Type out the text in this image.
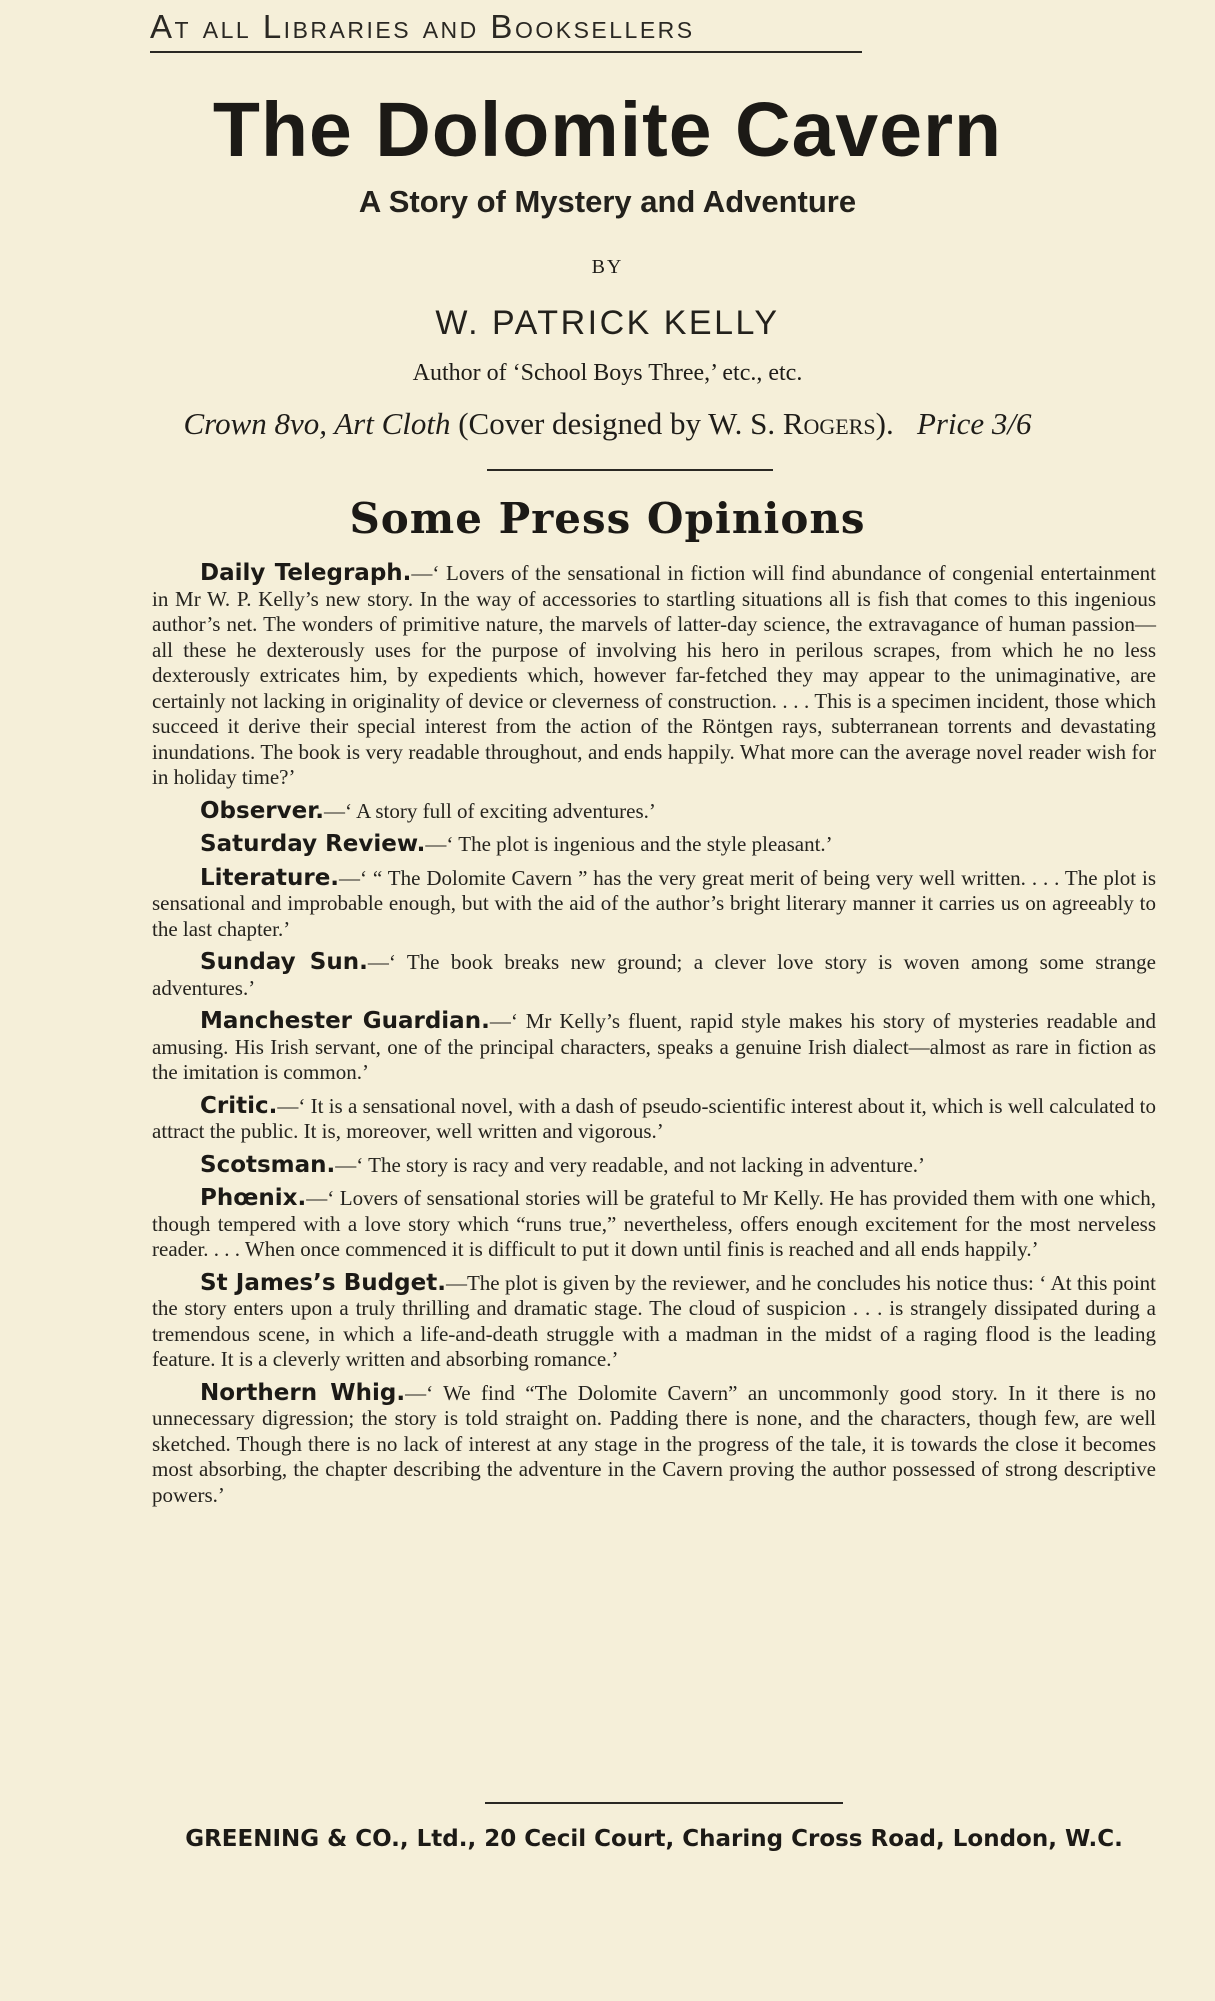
At all Libraries and Booksellers
The Dolomite Cavern
A Story of Mystery and Adventure
BY
W. PATRICK KELLY
Author of ‘School Boys Three,’ etc., etc.
Crown 8vo, Art Cloth (Cover designed by W. S. Rogers). Price 3/6
Some Press Opinions

Daily Telegraph.—‘ Lovers of the sensational in fiction will find abundance of congenial entertainment in Mr W. P. Kelly’s new story. In the way of accessories to startling situations all is fish that comes to this ingenious author’s net. The wonders of primitive nature, the marvels of latter-day science, the extravagance of human passion—all these he dexterously uses for the purpose of involving his hero in perilous scrapes, from which he no less dexterously extricates him, by expedients which, however far-fetched they may appear to the unimaginative, are certainly not lacking in originality of device or cleverness of construction. . . . This is a specimen incident, those which succeed it derive their special interest from the action of the Röntgen rays, subterranean torrents and devastating inundations. The book is very readable throughout, and ends happily. What more can the average novel reader wish for in holiday time?’

Observer.—‘ A story full of exciting adventures.’

Saturday Review.—‘ The plot is ingenious and the style pleasant.’

Literature.—‘ “ The Dolomite Cavern ” has the very great merit of being very well written. . . . The plot is sensational and improbable enough, but with the aid of the author’s bright literary manner it carries us on agreeably to the last chapter.’

Sunday Sun.—‘ The book breaks new ground; a clever love story is woven among some strange adventures.’

Manchester Guardian.—‘ Mr Kelly’s fluent, rapid style makes his story of mysteries readable and amusing. His Irish servant, one of the principal characters, speaks a genuine Irish dialect—almost as rare in fiction as the imitation is common.’

Critic.—‘ It is a sensational novel, with a dash of pseudo-scientific interest about it, which is well calculated to attract the public. It is, moreover, well written and vigorous.’

Scotsman.—‘ The story is racy and very readable, and not lacking in adventure.’

Phœnix.—‘ Lovers of sensational stories will be grateful to Mr Kelly. He has provided them with one which, though tempered with a love story which “runs true,” nevertheless, offers enough excitement for the most nerveless reader. . . . When once commenced it is difficult to put it down until finis is reached and all ends happily.’

St James’s Budget.—The plot is given by the reviewer, and he concludes his notice thus: ‘ At this point the story enters upon a truly thrilling and dramatic stage. The cloud of suspicion . . . is strangely dissipated during a tremendous scene, in which a life-and-death struggle with a madman in the midst of a raging flood is the leading feature. It is a cleverly written and absorbing romance.’

Northern Whig.—‘ We find “The Dolomite Cavern” an uncommonly good story. In it there is no unnecessary digression; the story is told straight on. Padding there is none, and the characters, though few, are well sketched. Though there is no lack of interest at any stage in the progress of the tale, it is towards the close it becomes most absorbing, the chapter describing the adventure in the Cavern proving the author possessed of strong descriptive powers.’

GREENING & CO., Ltd., 20 Cecil Court, Charing Cross Road, London, W.C.
